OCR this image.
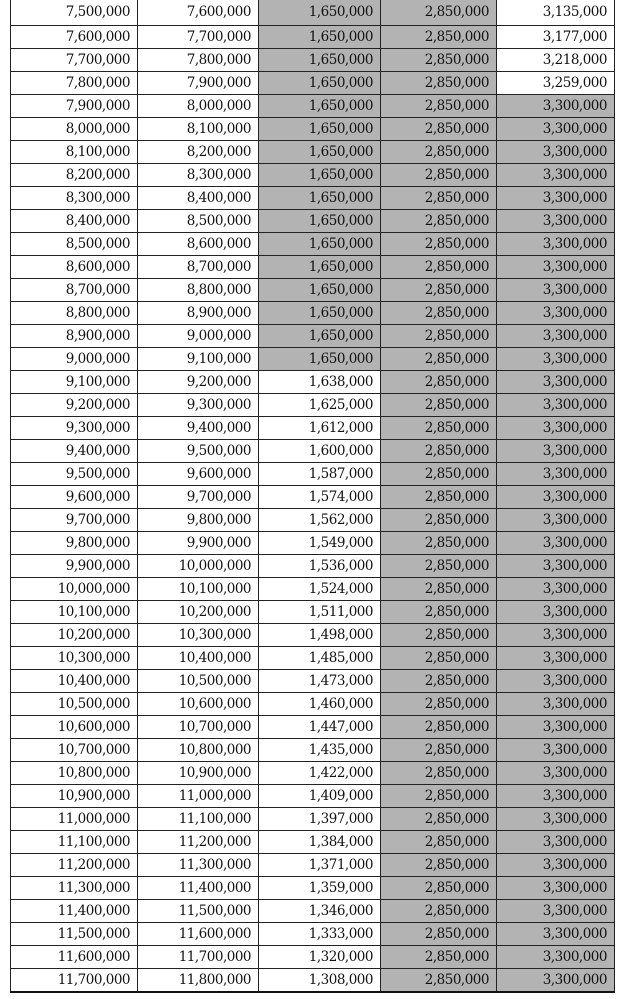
7,500,000	7,600,000	1,650,000	2,850,000	3,135,000
7,600,000	7,700,000	1,650,000	2,850,000	3,177,000
7,700,000	7,800,000	1,650,000	2,850,000	3,218,000
7,800,000	7,900,000	1,650,000	2,850,000	3,259,000
7,900,000	8,000,000	1,650,000	2,850,000	3,300,000
8,000,000	8,100,000	1,650,000	2,850,000	3,300,000
8,100,000	8,200,000	1,650,000	2,850,000	3,300,000
8,200,000	8,300,000	1,650,000	2,850,000	3,300,000
8,300,000	8,400,000	1,650,000	2,850,000	3,300,000
8,400,000	8,500,000	1,650,000	2,850,000	3,300,000
8,500,000	8,600,000	1,650,000	2,850,000	3,300,000
8,600,000	8,700,000	1,650,000	2,850,000	3,300,000
8,700,000	8,800,000	1,650,000	2,850,000	3,300,000
8,800,000	8,900,000	1,650,000	2,850,000	3,300,000
8,900,000	9,000,000	1,650,000	2,850,000	3,300,000
9,000,000	9,100,000	1,650,000	2,850,000	3,300,000
9,100,000	9,200,000	1,638,000	2,850,000	3,300,000
9,200,000	9,300,000	1,625,000	2,850,000	3,300,000
9,300,000	9,400,000	1,612,000	2,850,000	3,300,000
9,400,000	9,500,000	1,600,000	2,850,000	3,300,000
9,500,000	9,600,000	1,587,000	2,850,000	3,300,000
9,600,000	9,700,000	1,574,000	2,850,000	3,300,000
9,700,000	9,800,000	1,562,000	2,850,000	3,300,000
9,800,000	9,900,000	1,549,000	2,850,000	3,300,000
9,900,000	10,000,000	1,536,000	2,850,000	3,300,000
10,000,000	10,100,000	1,524,000	2,850,000	3,300,000
10,100,000	10,200,000	1,511,000	2,850,000	3,300,000
10,200,000	10,300,000	1,498,000	2,850,000	3,300,000
10,300,000	10,400,000	1,485,000	2,850,000	3,300,000
10,400,000	10,500,000	1,473,000	2,850,000	3,300,000
10,500,000	10,600,000	1,460,000	2,850,000	3,300,000
10,600,000	10,700,000	1,447,000	2,850,000	3,300,000
10,700,000	10,800,000	1,435,000	2,850,000	3,300,000
10,800,000	10,900,000	1,422,000	2,850,000	3,300,000
10,900,000	11,000,000	1,409,000	2,850,000	3,300,000
11,000,000	11,100,000	1,397,000	2,850,000	3,300,000
11,100,000	11,200,000	1,384,000	2,850,000	3,300,000
11,200,000	11,300,000	1,371,000	2,850,000	3,300,000
11,300,000	11,400,000	1,359,000	2,850,000	3,300,000
11,400,000	11,500,000	1,346,000	2,850,000	3,300,000
11,500,000	11,600,000	1,333,000	2,850,000	3,300,000
11,600,000	11,700,000	1,320,000	2,850,000	3,300,000
11,700,000	11,800,000	1,308,000	2,850,000	3,300,000
